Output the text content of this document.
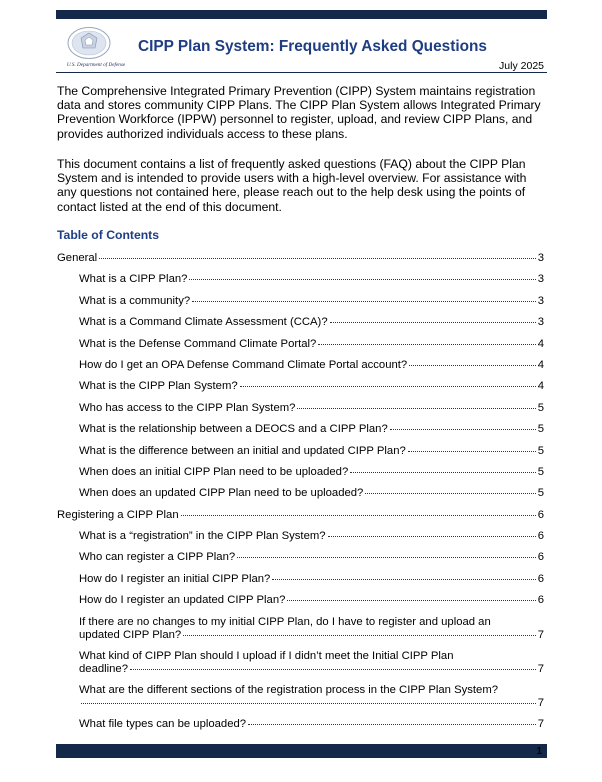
U.S. Department of Defense
CIPP Plan System: Frequently Asked Questions
July 2025

The Comprehensive Integrated Primary Prevention (CIPP) System maintains registration data and stores community CIPP Plans. The CIPP Plan System allows Integrated Primary Prevention Workforce (IPPW) personnel to register, upload, and review CIPP Plans, and provides authorized individuals access to these plans.

This document contains a list of frequently asked questions (FAQ) about the CIPP Plan System and is intended to provide users with a high-level overview. For assistance with any questions not contained here, please reach out to the help desk using the points of contact listed at the end of this document.

Table of Contents
General	3
What is a CIPP Plan?	3
What is a community?	3
What is a Command Climate Assessment (CCA)?	3
What is the Defense Command Climate Portal?	4
How do I get an OPA Defense Command Climate Portal account?	4
What is the CIPP Plan System?	4
Who has access to the CIPP Plan System?	5
What is the relationship between a DEOCS and a CIPP Plan?	5
What is the difference between an initial and updated CIPP Plan?	5
When does an initial CIPP Plan need to be uploaded?	5
When does an updated CIPP Plan need to be uploaded?	5
Registering a CIPP Plan	6
What is a “registration” in the CIPP Plan System?	6
Who can register a CIPP Plan?	6
How do I register an initial CIPP Plan?	6
How do I register an updated CIPP Plan?	6
If there are no changes to my initial CIPP Plan, do I have to register and upload an
updated CIPP Plan?	7
What kind of CIPP Plan should I upload if I didn’t meet the Initial CIPP Plan
deadline?	7
What are the different sections of the registration process in the CIPP Plan System?
7
What file types can be uploaded?	7
1
